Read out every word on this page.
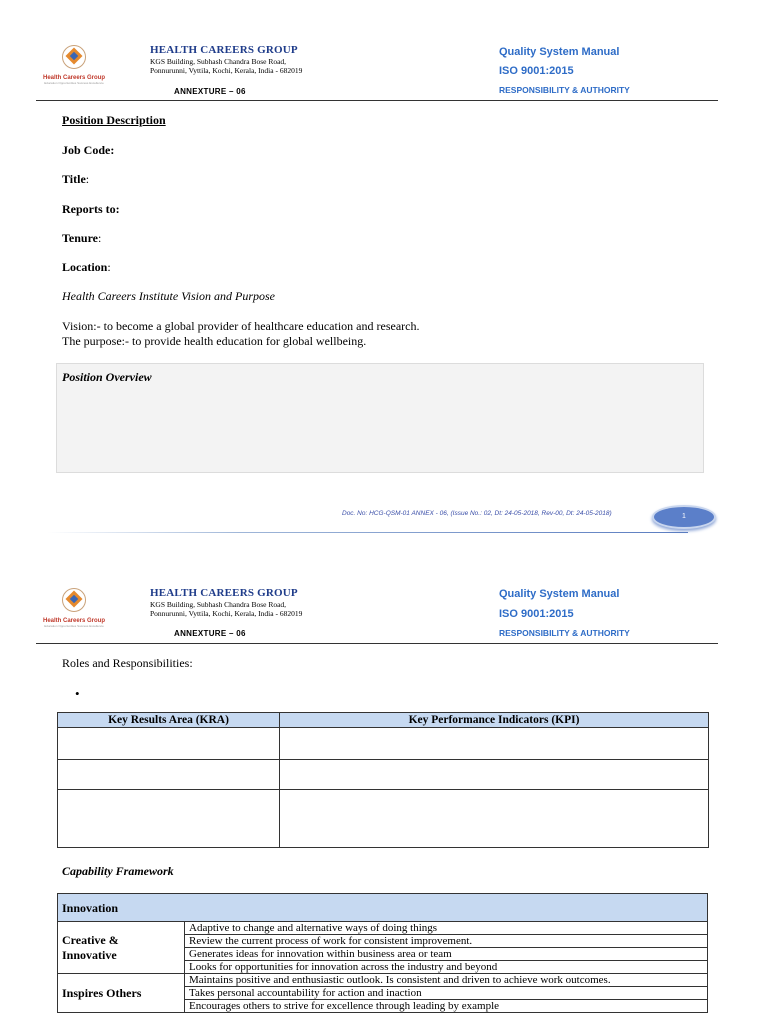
Health Careers Group
Education Opportunities Success Excellence
HEALTH CAREERS GROUP
KGS Building, Subhash Chandra Bose Road,
Ponnurunni, Vyttila, Kochi, Kerala, India - 682019
ANNEXTURE – 06
Quality System Manual
ISO 9001:2015
RESPONSIBILITY & AUTHORITY
Position Description
Job Code:
Title:
Reports to:
Tenure:
Location:
Health Careers Institute Vision and Purpose
Vision:- to become a global provider of healthcare education and research.
The purpose:- to provide health education for global wellbeing.
Position Overview
Doc. No: HCG-QSM-01 ANNEX - 06, (Issue No.: 02, Dt: 24-05-2018, Rev-00, Dt: 24-05-2018)	1
Health Careers Group
Education Opportunities Success Excellence
HEALTH CAREERS GROUP
KGS Building, Subhash Chandra Bose Road,
Ponnurunni, Vyttila, Kochi, Kerala, India - 682019
ANNEXTURE – 06
Quality System Manual
ISO 9001:2015
RESPONSIBILITY & AUTHORITY
Roles and Responsibilities:
•
Key Results Area (KRA)	Key Performance Indicators (KPI)

Capability Framework
Innovation	
Creative &
Innovative	Adaptive to change and alternative ways of doing things
	Review the current process of work for consistent improvement.
	Generates ideas for innovation within business area or team
	Looks for opportunities for innovation across the industry and beyond
Inspires Others	Maintains positive and enthusiastic outlook. Is consistent and driven to achieve work outcomes.
	Takes personal accountability for action and inaction
	Encourages others to strive for excellence through leading by example
